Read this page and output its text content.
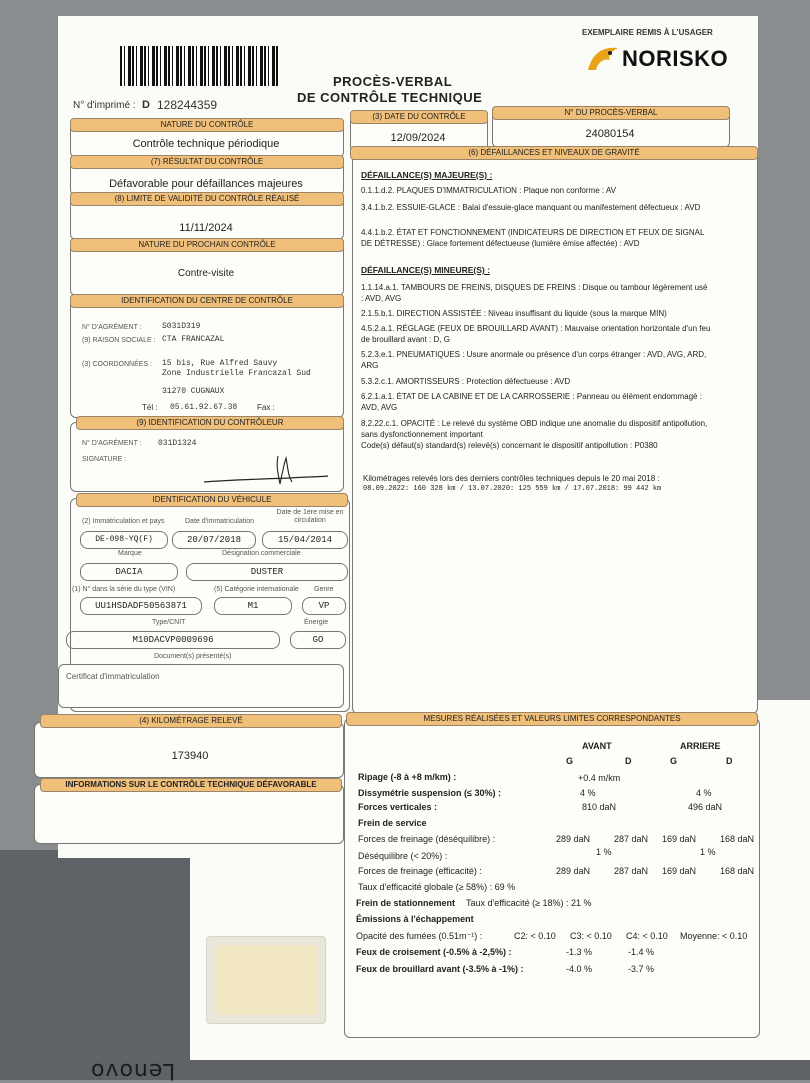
Lenovo
EXEMPLAIRE REMIS À L'USAGER
NORISKO
PROCÈS-VERBAL
DE CONTRÔLE TECHNIQUE
N° d'imprimé : D 128244359
NATURE DU CONTRÔLE
Contrôle technique périodique
(3) DATE DU CONTRÔLE
12/09/2024
N° DU PROCÈS-VERBAL
24080154
(7) RÉSULTAT DU CONTRÔLE
Défavorable pour défaillances majeures
(8) LIMITE DE VALIDITÉ DU CONTRÔLE RÉALISÉ
11/11/2024
NATURE DU PROCHAIN CONTRÔLE
Contre-visite
IDENTIFICATION DU CENTRE DE CONTRÔLE
N° D'AGRÉMENT :	S031D319
(9) RAISON SOCIALE : CTA FRANCAZAL
(3) COORDONNÉES : 15 bis, Rue Alfred Sauvy
Zone Industrielle Francazal Sud
31270 CUGNAUX
Tél : 05.61.92.67.38 Fax :
(9) IDENTIFICATION DU CONTRÔLEUR
N° D'AGRÉMENT : 031D1324
SIGNATURE :
IDENTIFICATION DU VÉHICULE
(2) Immatriculation et pays	Date d'immatriculation
Date de 1ere mise en circulation
DE-098-YQ(F)	20/07/2018	15/04/2014
Marque	Désignation commerciale
DACIA	DUSTER
(1) N° dans la série du type (VIN)	(5) Catégorie internationale Genre
UU1HSDADF50563871	M1	VP
Type/CNIT	Énergie
M10DACVP0009696	GO
Document(s) présenté(s)
Certificat d'immatriculation
(4) KILOMÉTRAGE RELEVÉ
173940
INFORMATIONS SUR LE CONTRÔLE TECHNIQUE DÉFAVORABLE
(6) DÉFAILLANCES ET NIVEAUX DE GRAVITÉ
DÉFAILLANCE(S) MAJEURE(S) :
0.1.1.d.2. PLAQUES D'IMMATRICULATION : Plaque non conforme : AV
3.4.1.b.2. ESSUIE-GLACE : Balai d'essuie-glace manquant ou manifestement défectueux : AVD
4.4.1.b.2. ÉTAT ET FONCTIONNEMENT (INDICATEURS DE DIRECTION ET FEUX DE SIGNAL DE DÉTRESSE) : Glace fortement défectueuse (lumière émise affectée) : AVD
DÉFAILLANCE(S) MINEURE(S) :
1.1.14.a.1. TAMBOURS DE FREINS, DISQUES DE FREINS : Disque ou tambour légèrement usé : AVD, AVG
2.1.5.b.1. DIRECTION ASSISTÉE : Niveau insuffisant du liquide (sous la marque MIN)
4.5.2.a.1. RÉGLAGE (FEUX DE BROUILLARD AVANT) : Mauvaise orientation horizontale d'un feu de brouillard avant : D, G
5.2.3.e.1. PNEUMATIQUES : Usure anormale ou présence d'un corps étranger : AVD, AVG, ARD, ARG
5.3.2.c.1. AMORTISSEURS : Protection défectueuse : AVD
6.2.1.a.1. ÉTAT DE LA CABINE ET DE LA CARROSSERIE : Panneau ou élément endommagé : AVD, AVG
8.2.22.c.1. OPACITÉ : Le relevé du système OBD indique une anomalie du dispositif antipollution, sans dysfonctionnement important
Code(s) défaut(s) standard(s) relevé(s) concernant le dispositif antipollution : P0380
Kilométrages relevés lors des derniers contrôles techniques depuis le 20 mai 2018 :
08.09.2022: 160 328 km / 13.07.2020: 125 559 km / 17.07.2018: 99 442 km
MESURES RÉALISÉES ET VALEURS LIMITES CORRESPONDANTES
AVANT	ARRIERE
G	D	G	D
Ripage (-8 à +8 m/km) :	+0.4 m/km
Dissymétrie suspension (≤ 30%) :	4 %	4 %
Forces verticales :	810 daN	496 daN
Frein de service
Forces de freinage (déséquilibre) :	289 daN	287 daN 169 daN	168 daN
Déséquilibre (< 20%) :	1 %	1 %
Forces de freinage (efficacité) :	289 daN	287 daN 169 daN	168 daN
Taux d'efficacité globale (≥ 58%) : 69 %
Frein de stationnement Taux d'efficacité (≥ 18%) : 21 %
Émissions à l'échappement
Opacité des fumées (0.51m⁻¹) :	C2: < 0.10 C3: < 0.10 C4: < 0.10 Moyenne: < 0.10
Feux de croisement (-0.5% à -2,5%) :	-1.3 %	-1.4 %
Feux de brouillard avant (-3.5% à -1%) :	-4.0 %	-3.7 %
